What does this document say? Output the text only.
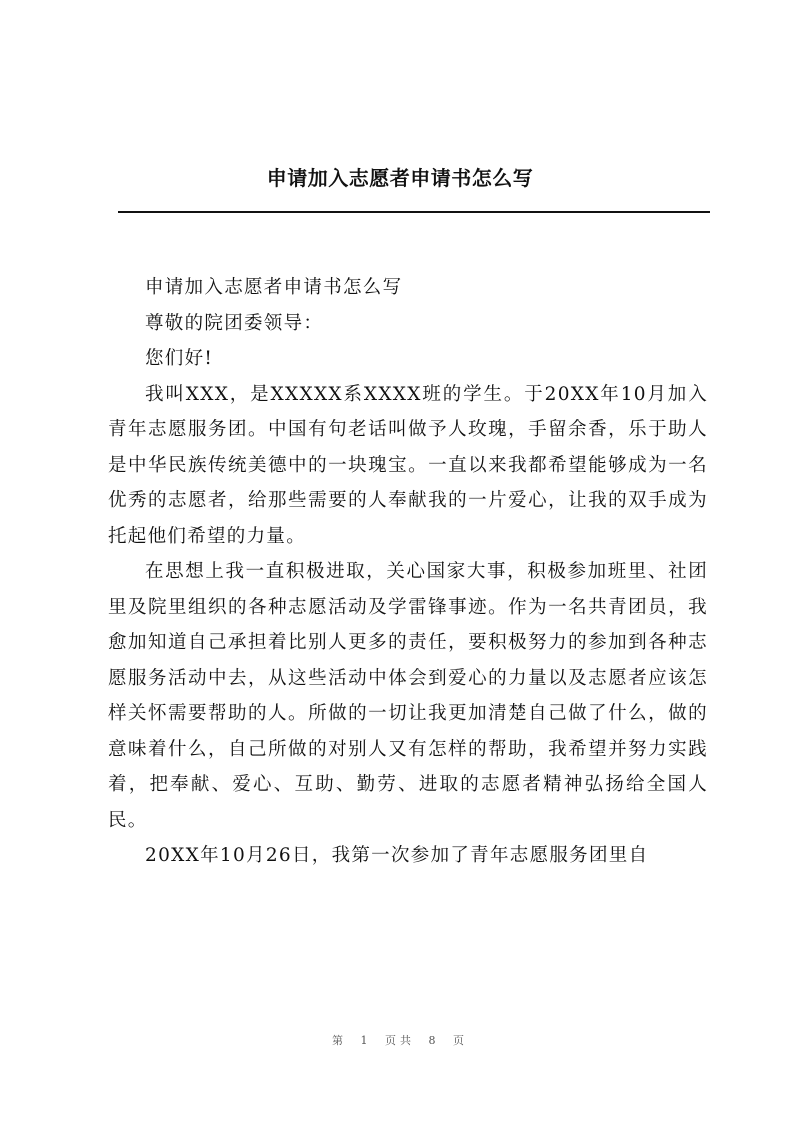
申请加入志愿者申请书怎么写

申请加入志愿者申请书怎么写

尊敬的院团委领导：

您们好!

我叫XXX，是XXXXX系XXXX班的学生。于20XX年10月加入青年志愿服务团。中国有句老话叫做予人玫瑰，手留余香，乐于助人是中华民族传统美德中的一块瑰宝。一直以来我都希望能够成为一名优秀的志愿者，给那些需要的人奉献我的一片爱心，让我的双手成为托起他们希望的力量。

在思想上我一直积极进取，关心国家大事，积极参加班里、社团里及院里组织的各种志愿活动及学雷锋事迹。作为一名共青团员，我愈加知道自己承担着比别人更多的责任，要积极努力的参加到各种志愿服务活动中去，从这些活动中体会到爱心的力量以及志愿者应该怎样关怀需要帮助的人。所做的一切让我更加清楚自己做了什么，做的意味着什么，自己所做的对别人又有怎样的帮助，我希望并努力实践着，把奉献、爱心、互助、勤劳、进取的志愿者精神弘扬给全国人民。

20XX年10月26日，我第一次参加了青年志愿服务团里自

第 1 页共 8 页
